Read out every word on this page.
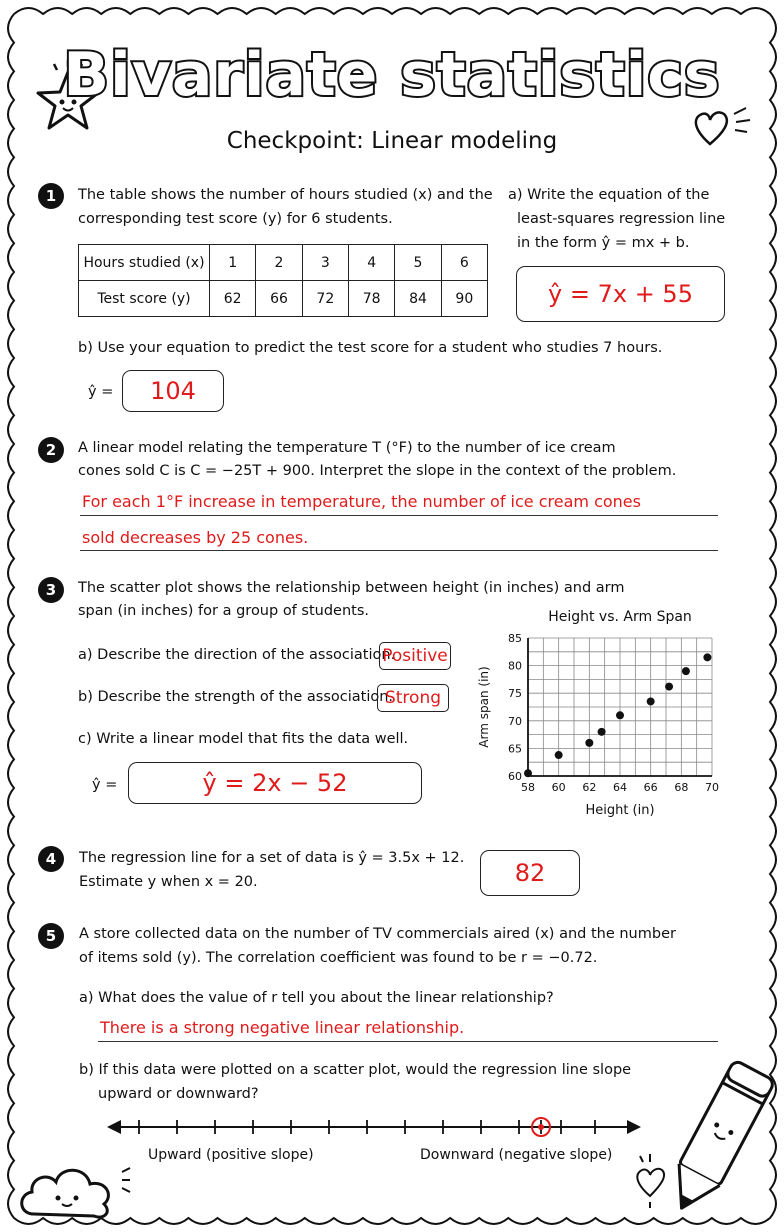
Bivariate statistics
Checkpoint: Linear modeling
1	The table shows the number of hours studied (x) and the
corresponding test score (y) for 6 students.
Hours studied (x)	1	2	3	4	5	6
Test score (y)	62	66	72	78	84	90
a) Write the equation of the
least-squares regression line
in the form ŷ = mx + b.
ŷ = 7x + 55
b) Use your equation to predict the test score for a student who studies 7 hours.
ŷ =	104
2	A linear model relating the temperature T (°F) to the number of ice cream
cones sold C is C = −25T + 900. Interpret the slope in the context of the problem.
For each 1°F increase in temperature, the number of ice cream cones
sold decreases by 25 cones.
3	The scatter plot shows the relationship between height (in inches) and arm
span (in inches) for a group of students.
a) Describe the direction of the association.
Positive
b) Describe the strength of the association.
Strong
c) Write a linear model that fits the data well.
ŷ =	ŷ = 2x − 52
Height vs. Arm Span
58 60 62 64 66 68 70
60
65
70
75
80
85
Height (in)
Arm span (in)
4	The regression line for a set of data is ŷ = 3.5x + 12.
Estimate y when x = 20.	82
5	A store collected data on the number of TV commercials aired (x) and the number
of items sold (y). The correlation coefficient was found to be r = −0.72.
a) What does the value of r tell you about the linear relationship?
There is a strong negative linear relationship.
b) If this data were plotted on a scatter plot, would the regression line slope
upward or downward?
Upward (positive slope)	Downward (negative slope)
